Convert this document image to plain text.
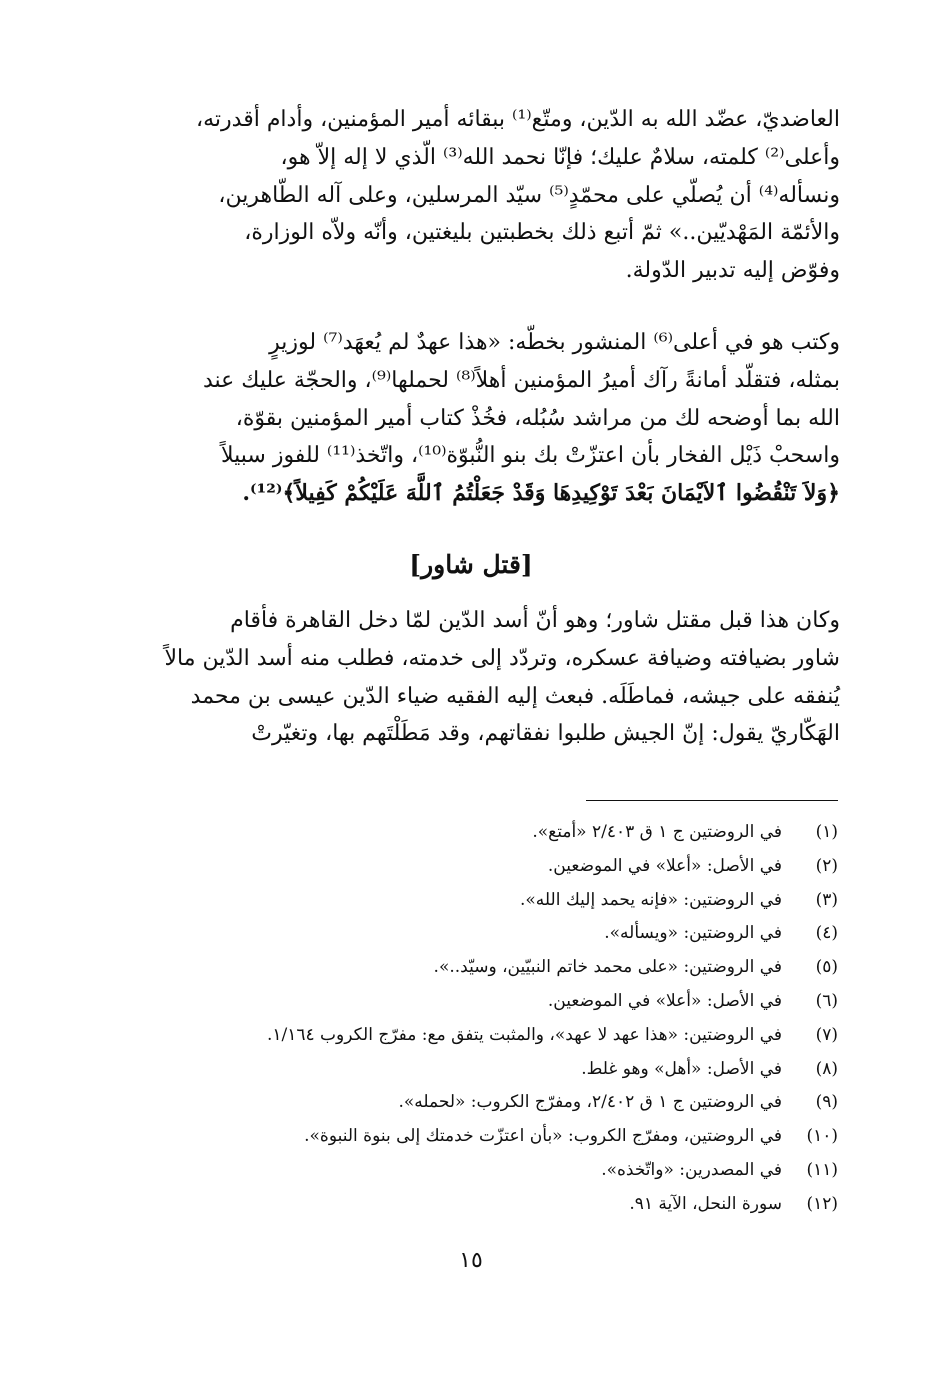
العاضديّ، عضّد الله به الدّين، ومتّع⁽¹⁾ ببقائه أمير المؤمنين، وأدام أقدرته،

وأعلى⁽²⁾ كلمته، سلامٌ عليك؛ فإنّا نحمد الله⁽³⁾ الّذي لا إله إلاّ هو،

ونسأله⁽⁴⁾ أن يُصلّي على محمّدٍ⁽⁵⁾ سيّد المرسلين، وعلى آله الطّاهرين،

والأئمّة المَهْديّين..» ثمّ أتبع ذلك بخطبتين بليغتين، وأنّه ولاّه الوزارة،

وفوّض إليه تدبير الدّولة.

وكتب هو في أعلى⁽⁶⁾ المنشور بخطّه: «هذا عهدٌ لم يُعهَد⁽⁷⁾ لوزيرٍ

بمثله، فتقلّد أمانةً رآك أميرُ المؤمنين أهلاً⁽⁸⁾ لحملها⁽⁹⁾، والحجّة عليك عند

الله بما أوضحه لك من مراشد سُبُله، فخُذْ كتاب أمير المؤمنين بقوّة،

واسحبْ ذَيْل الفخار بأن اعتزّتْ بك بنو النُّبوّة⁽¹⁰⁾، واتّخذ⁽¹¹⁾ للفوز سبيلاً

﴿وَلاَ تَنْقُضُوا ٱلاَيْمَانَ بَعْدَ تَوْكِيدِهَا وَقَدْ جَعَلْتُمُ ٱللَّهَ عَلَيْكُمْ كَفِيلاً﴾⁽¹²⁾.

[قتل شاور]

وكان هذا قبل مقتل شاور؛ وهو أنّ أسد الدّين لمّا دخل القاهرة فأقام

شاور بضيافته وضيافة عسكره، وتردّد إلى خدمته، فطلب منه أسد الدّين مالاً

يُنفقه على جيشه، فماطَلَه. فبعث إليه الفقيه ضياء الدّين عيسى بن محمد

الهَكّاريّ يقول: إنّ الجيش طلبوا نفقاتهم، وقد مَطَلْتَهم بها، وتغيّرتْ

(١)في الروضتين ج ١ ق ٢/٤٠٣ «أمتع».
(٢)في الأصل: «أعلا» في الموضعين.
(٣)في الروضتين: «فإنه يحمد إليك الله».
(٤)في الروضتين: «ويسأله».
(٥)في الروضتين: «على محمد خاتم النبيّين، وسيّد..».
(٦)في الأصل: «أعلا» في الموضعين.
(٧)في الروضتين: «هذا عهد لا عهد»، والمثبت يتفق مع: مفرّج الكروب ١/١٦٤.
(٨)في الأصل: «أهل» وهو غلط.
(٩)في الروضتين ج ١ ق ٢/٤٠٢، ومفرّج الكروب: «لحمله».
(١٠)في الروضتين، ومفرّج الكروب: «بأن اعتزّت خدمتك إلى بنوة النبوة».
(١١)في المصدرين: «واتّخذه».
(١٢)سورة النحل، الآية ٩١.
١٥
